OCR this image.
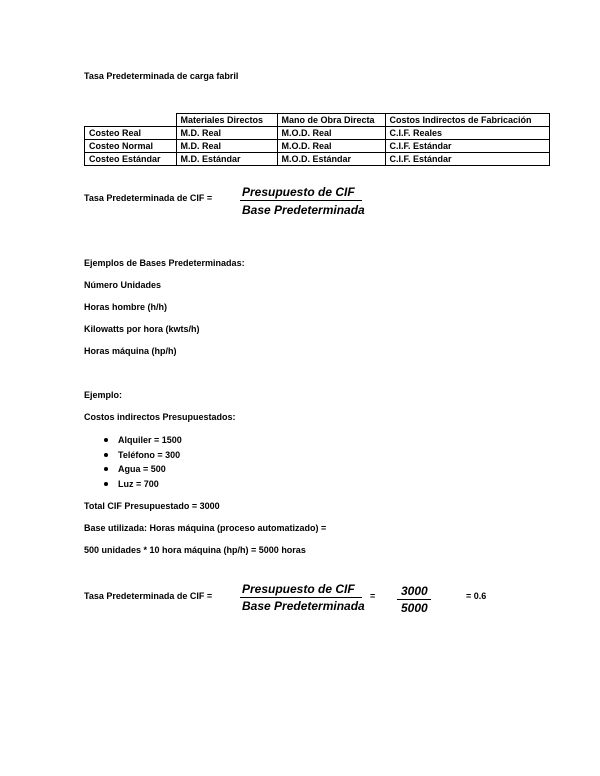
Tasa Predeterminada de carga fabril
	Materiales Directos	Mano de Obra Directa	Costos Indirectos de Fabricación
Costeo Real	M.D. Real	M.O.D. Real	C.I.F. Reales
Costeo Normal	M.D. Real	M.O.D. Real	C.I.F. Estándar
Costeo Estándar	M.D. Estándar	M.O.D. Estándar	C.I.F. Estándar
Tasa Predeterminada de CIF = Presupuesto de CIF
Base Predeterminada
Ejemplos de Bases Predeterminadas:
Número Unidades
Horas hombre (h/h)
Kilowatts por hora (kwts/h)
Horas máquina (hp/h)
Ejemplo:
Costos indirectos Presupuestados:
Alquiler = 1500
Teléfono = 300
Agua = 500
Luz = 700
Total CIF Presupuestado = 3000
Base utilizada: Horas máquina (proceso automatizado) =
500 unidades * 10 hora máquina (hp/h) = 5000 horas
Tasa Predeterminada de CIF = Presupuesto de CIF
Base Predeterminada
= 3000
5000
= 0.6
